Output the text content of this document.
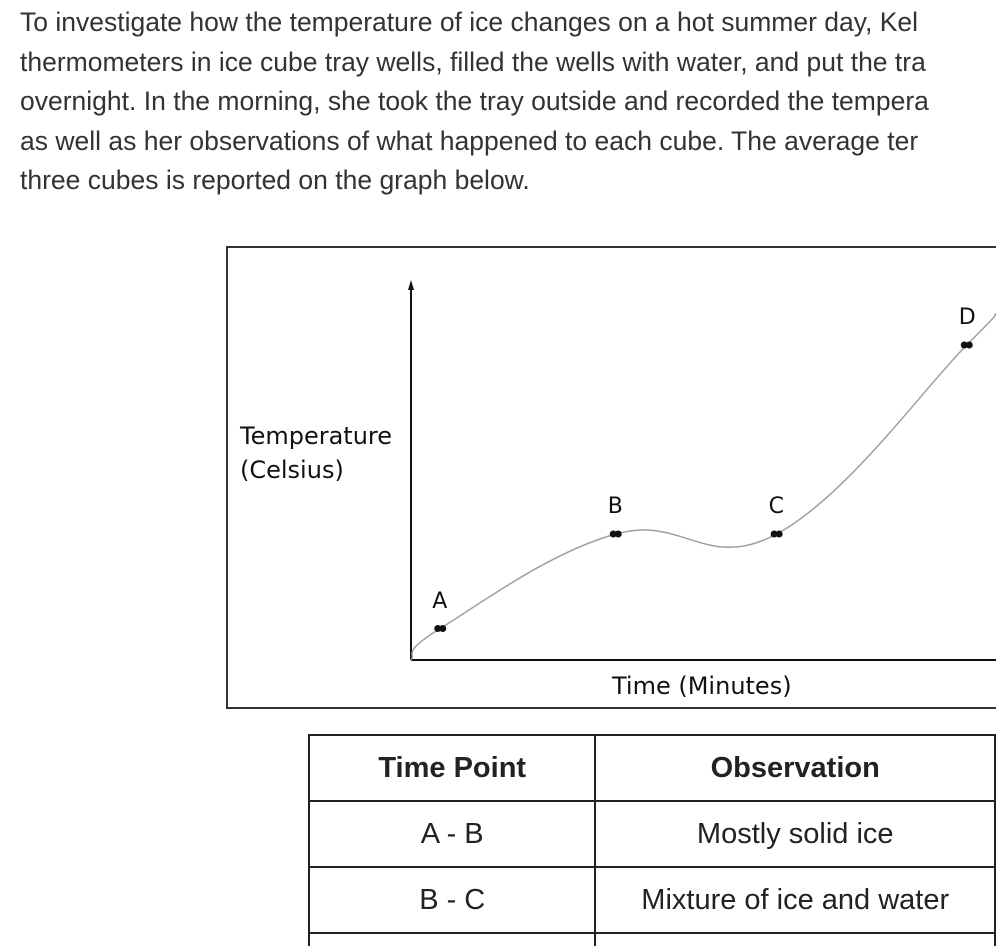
To investigate how the temperature of ice changes on a hot summer day, Kel
thermometers in ice cube tray wells, filled the wells with water, and put the tra
overnight. In the morning, she took the tray outside and recorded the tempera
as well as her observations of what happened to each cube. The average ter
three cubes is reported on the graph below.
Temperature
(Celsius)
Time (Minutes)
A
B	C
D
Time Point	Observation
A - B	Mostly solid ice
B - C	Mixture of ice and water
